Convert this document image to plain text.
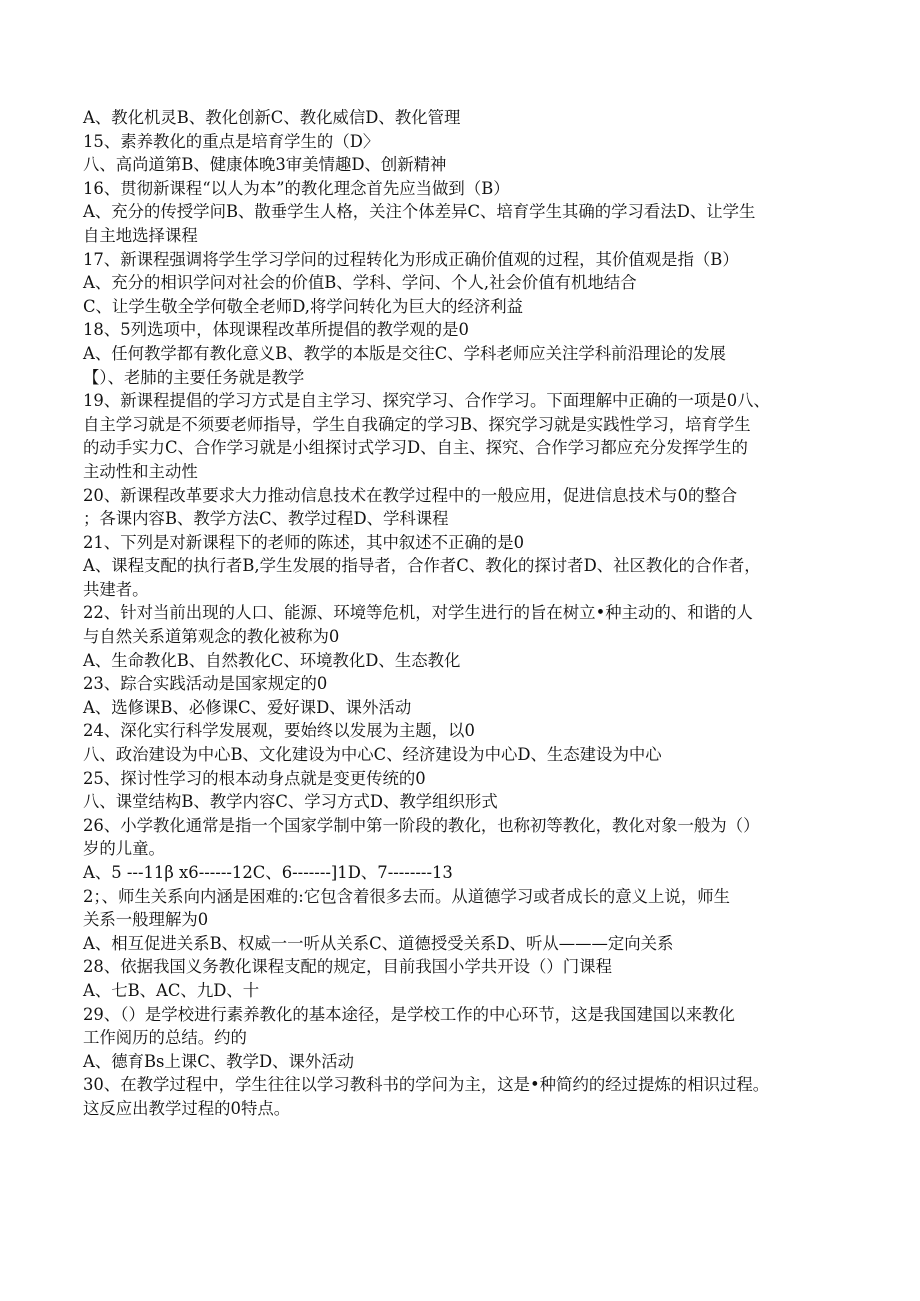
A、教化机灵B、教化创新C、教化威信D、教化管理

15、素养教化的重点是培育学生的（D〉

八、高尚道第B、健康体晚3审美情趣D、创新精神

16、贯彻新课程“以人为本”的教化理念首先应当做到（B）

A、充分的传授学问B、散垂学生人格，关注个体差异C、培育学生其确的学习看法D、让学生

自主地选择课程

17、新课程强调将学生学习学问的过程转化为形成正确价值观的过程，其价值观是指（B）

A、充分的相识学问对社会的价值B、学科、学问、个人,社会价值有机地结合

C、让学生敬全学何敬全老师D,将学问转化为巨大的经济利益

18、5列选项中，体现课程改革所提倡的教学观的是0

A、任何教学都有教化意义B、教学的本版是交往C、学科老师应关注学科前沿理论的发展

【）、老肺的主要任务就是教学

19、新课程提倡的学习方式是自主学习、探究学习、合作学习。下面理解中正确的一项是0八、

自主学习就是不须要老师指导，学生自我确定的学习B、探究学习就是实践性学习，培育学生

的动手实力C、合作学习就是小组探讨式学习D、自主、探究、合作学习都应充分发挥学生的

主动性和主动性

20、新课程改革要求大力推动信息技术在教学过程中的一般应用，促进信息技术与0的整合

；各课内容B、教学方法C、教学过程D、学科课程

21、下列是对新课程下的老师的陈述，其中叙述不正确的是0

A、课程支配的执行者B,学生发展的指导者，合作者C、教化的探讨者D、社区教化的合作者，

共建者。

22、针对当前出现的人口、能源、环境等危机，对学生进行的旨在树立•种主动的、和谐的人

与自然关系道第观念的教化被称为0

A、生命教化B、自然教化C、环境教化D、生态教化

23、踪合实践活动是国家规定的0

A、选修课B、必修课C、爱好课D、课外活动

24、深化实行科学发展观，要始终以发展为主题，以0

八、政治建设为中心B、文化建设为中心C、经济建设为中心D、生态建设为中心

25、探讨性学习的根本动身点就是变更传统的0

八、课堂结构B、教学内容C、学习方式D、教学组织形式

26、小学教化通常是指一个国家学制中第一阶段的教化，也称初等教化，教化对象一般为（）

岁的儿童。

A、5 ---11β x6------12C、6-------]1D、7--------13

2；、师生关系向内涵是困难的:它包含着很多去而。从道德学习或者成长的意义上说，师生

关系一般理解为0

A、相互促进关系B、权威一一听从关系C、道德授受关系D、听从———定向关系

28、依据我国义务教化课程支配的规定，目前我国小学共开设（）门课程

A、七B、AC、九D、十

29、（）是学校进行素养教化的基本途径，是学校工作的中心环节，这是我国建国以来教化

工作阅历的总结。约的

A、德育Bs上课C、教学D、课外活动

30、在教学过程中，学生往往以学习教科书的学问为主，这是•种简约的经过提炼的相识过程。

这反应出教学过程的0特点。
